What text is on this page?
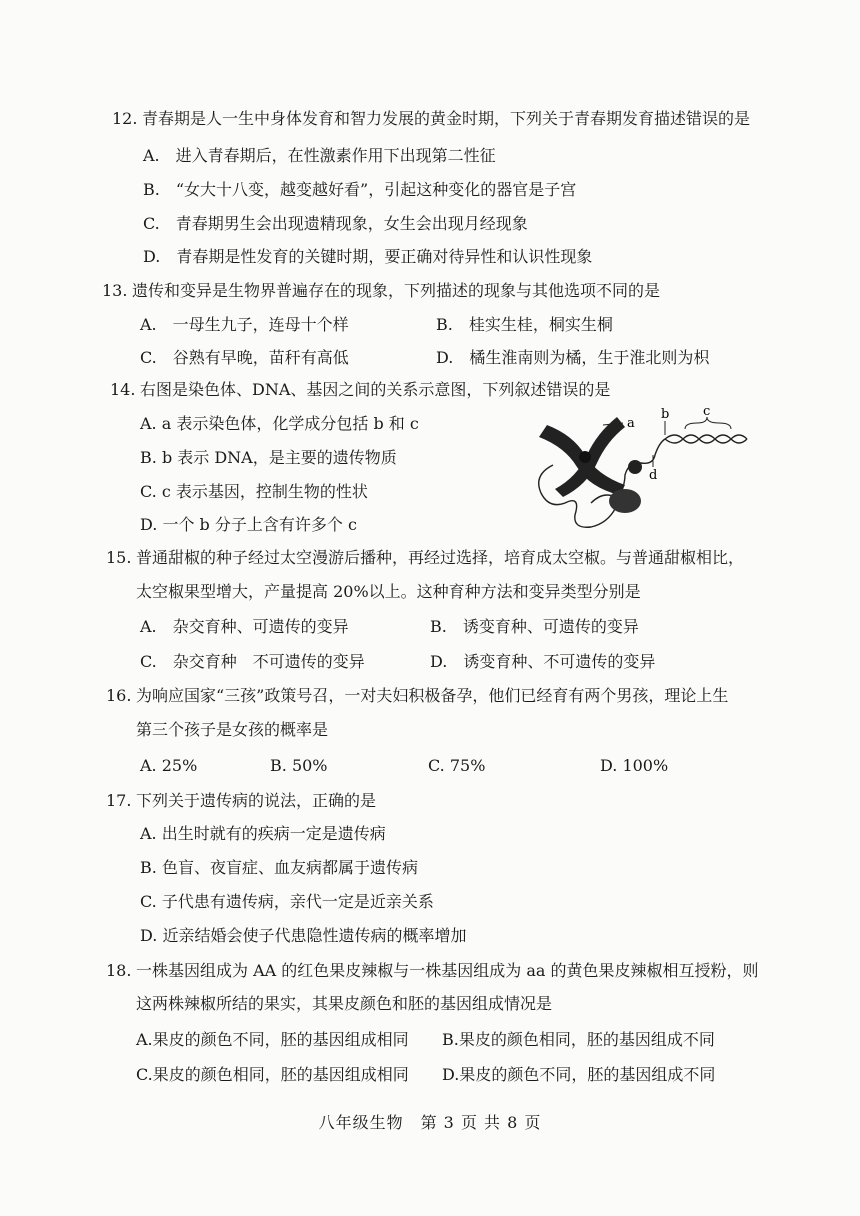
12. 青春期是人一生中身体发育和智力发展的黄金时期，下列关于青春期发育描述错误的是
A.　 进入青春期后，在性激素作用下出现第二性征
B.　 “女大十八变，越变越好看”，引起这种变化的器官是子宫
C.　 青春期男生会出现遗精现象，女生会出现月经现象
D.　 青春期是性发育的关键时期，要正确对待异性和认识性现象
13. 遗传和变异是生物界普遍存在的现象，下列描述的现象与其他选项不同的是
A.　 一母生九子，连母十个样	B.　 桂实生桂，桐实生桐
C.　 谷熟有早晚，苗秆有高低	D.　 橘生淮南则为橘，生于淮北则为枳
14. 右图是染色体、DNA、基因之间的关系示意图，下列叙述错误的是
A. a 表示染色体，化学成分包括 b 和 c
B. b 表示 DNA，是主要的遗传物质
C. c 表示基因，控制生物的性状
D. 一个 b 分子上含有许多个 c
a
b	c
d
15. 普通甜椒的种子经过太空漫游后播种，再经过选择，培育成太空椒。与普通甜椒相比，
太空椒果型增大，产量提高 20%以上。这种育种方法和变异类型分别是
A.　 杂交育种、可遗传的变异	B.　 诱变育种、可遗传的变异
C.　 杂交育种　不可遗传的变异	D.　 诱变育种、不可遗传的变异
16. 为响应国家“三孩”政策号召，一对夫妇积极备孕，他们已经育有两个男孩，理论上生
第三个孩子是女孩的概率是
A. 25%	B. 50%	C. 75%	D. 100%
17. 下列关于遗传病的说法，正确的是
A. 出生时就有的疾病一定是遗传病
B. 色盲、夜盲症、血友病都属于遗传病
C. 子代患有遗传病，亲代一定是近亲关系
D. 近亲结婚会使子代患隐性遗传病的概率增加
18. 一株基因组成为 AA 的红色果皮辣椒与一株基因组成为 aa 的黄色果皮辣椒相互授粉，则
这两株辣椒所结的果实，其果皮颜色和胚的基因组成情况是
A.果皮的颜色不同，胚的基因组成相同 B.果皮的颜色相同，胚的基因组成不同
C.果皮的颜色相同，胚的基因组成相同 D.果皮的颜色不同，胚的基因组成不同
八年级生物　第 3 页 共 8 页
